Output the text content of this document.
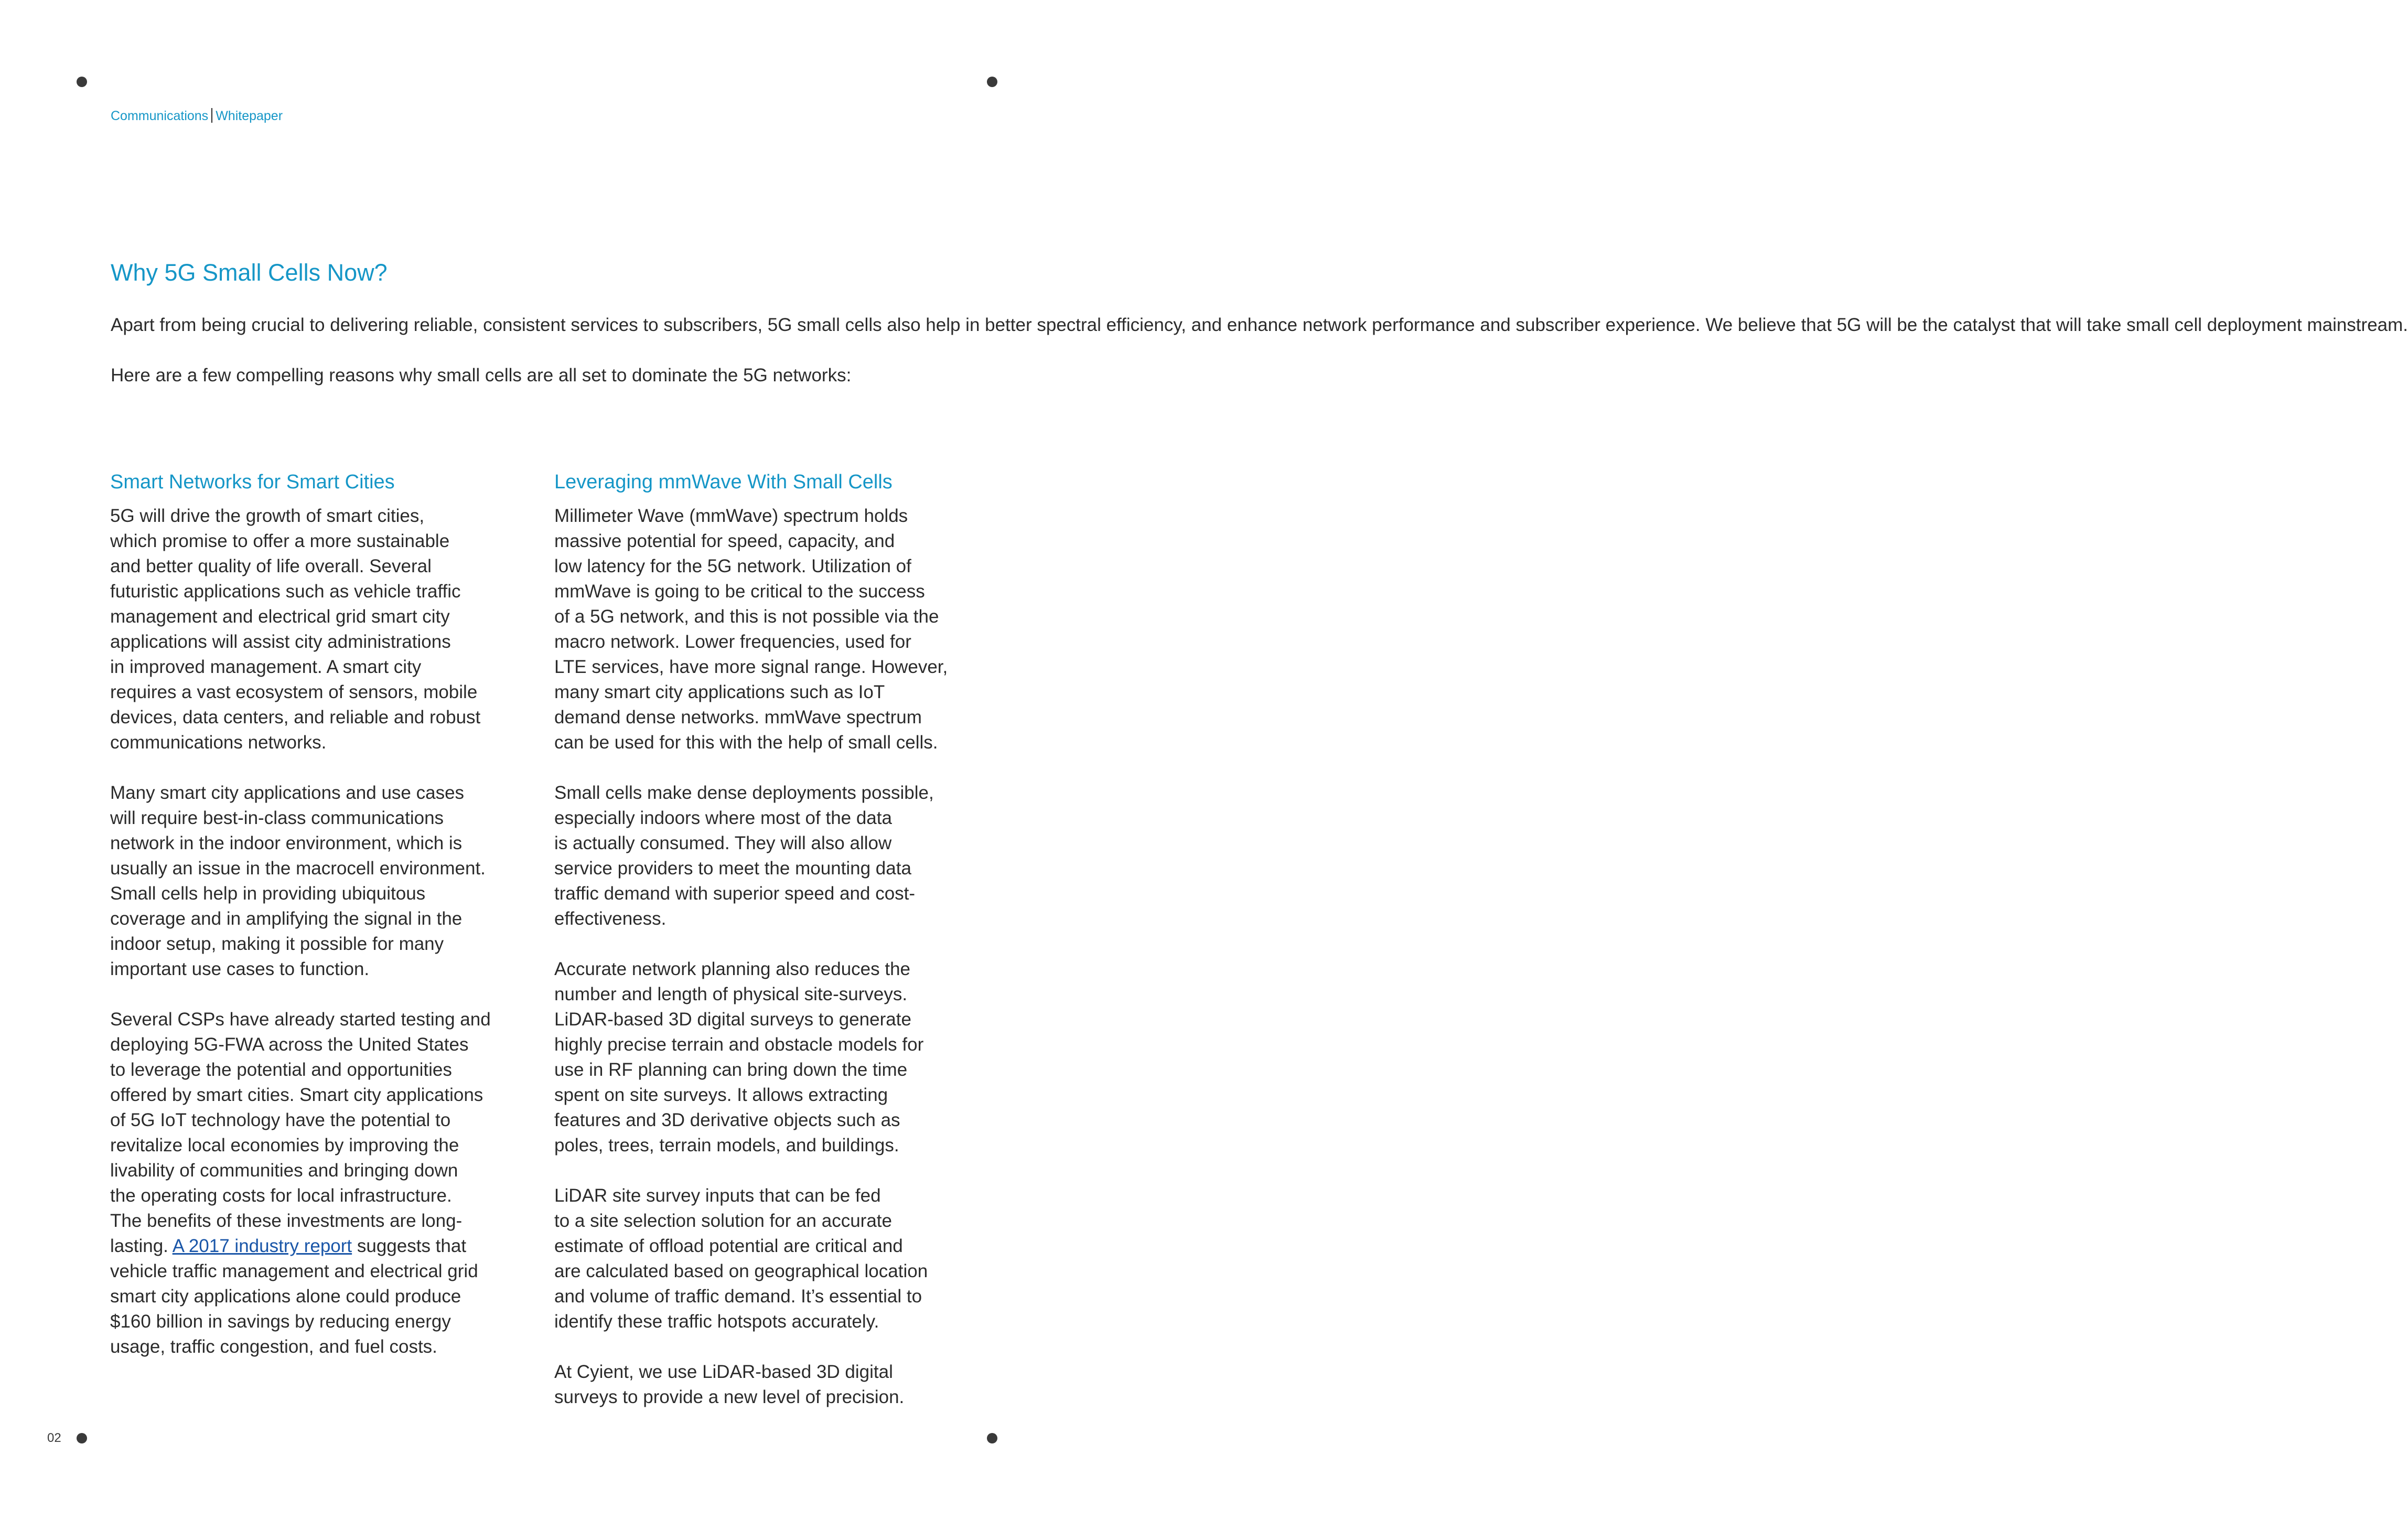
Communications Whitepaper
Why 5G Small Cells Now?

Apart from being crucial to delivering reliable, consistent services to subscribers, 5G small cells also help in better spectral efficiency, and enhance network performance and subscriber experience. We believe that 5G will be the catalyst that will take small cell deployment mainstream.

Here are a few compelling reasons why small cells are all set to dominate the 5G networks:

Smart Networks for Smart Cities
5G will drive the growth of smart cities,
which promise to offer a more sustainable
and better quality of life overall. Several
futuristic applications such as vehicle traffic
management and electrical grid smart city
applications will assist city administrations
in improved management. A smart city
requires a vast ecosystem of sensors, mobile
devices, data centers, and reliable and robust
communications networks.
Many smart city applications and use cases
will require best-in-class communications
network in the indoor environment, which is
usually an issue in the macrocell environment.
Small cells help in providing ubiquitous
coverage and in amplifying the signal in the
indoor setup, making it possible for many
important use cases to function.
Several CSPs have already started testing and
deploying 5G-FWA across the United States
to leverage the potential and opportunities
offered by smart cities. Smart city applications
of 5G IoT technology have the potential to
revitalize local economies by improving the
livability of communities and bringing down
the operating costs for local infrastructure.
The benefits of these investments are long-
lasting. A 2017 industry report suggests that
vehicle traffic management and electrical grid
smart city applications alone could produce
$160 billion in savings by reducing energy
usage, traffic congestion, and fuel costs.
Leveraging mmWave With Small Cells
Millimeter Wave (mmWave) spectrum holds
massive potential for speed, capacity, and
low latency for the 5G network. Utilization of
mmWave is going to be critical to the success
of a 5G network, and this is not possible via the
macro network. Lower frequencies, used for
LTE services, have more signal range. However,
many smart city applications such as IoT
demand dense networks. mmWave spectrum
can be used for this with the help of small cells.
Small cells make dense deployments possible,
especially indoors where most of the data
is actually consumed. They will also allow
service providers to meet the mounting data
traffic demand with superior speed and cost-
effectiveness.
Accurate network planning also reduces the
number and length of physical site-surveys.
LiDAR-based 3D digital surveys to generate
highly precise terrain and obstacle models for
use in RF planning can bring down the time
spent on site surveys. It allows extracting
features and 3D derivative objects such as
poles, trees, terrain models, and buildings.
LiDAR site survey inputs that can be fed
to a site selection solution for an accurate
estimate of offload potential are critical and
are calculated based on geographical location
and volume of traffic demand. It’s essential to
identify these traffic hotspots accurately.
At Cyient, we use LiDAR-based 3D digital
surveys to provide a new level of precision.
02
